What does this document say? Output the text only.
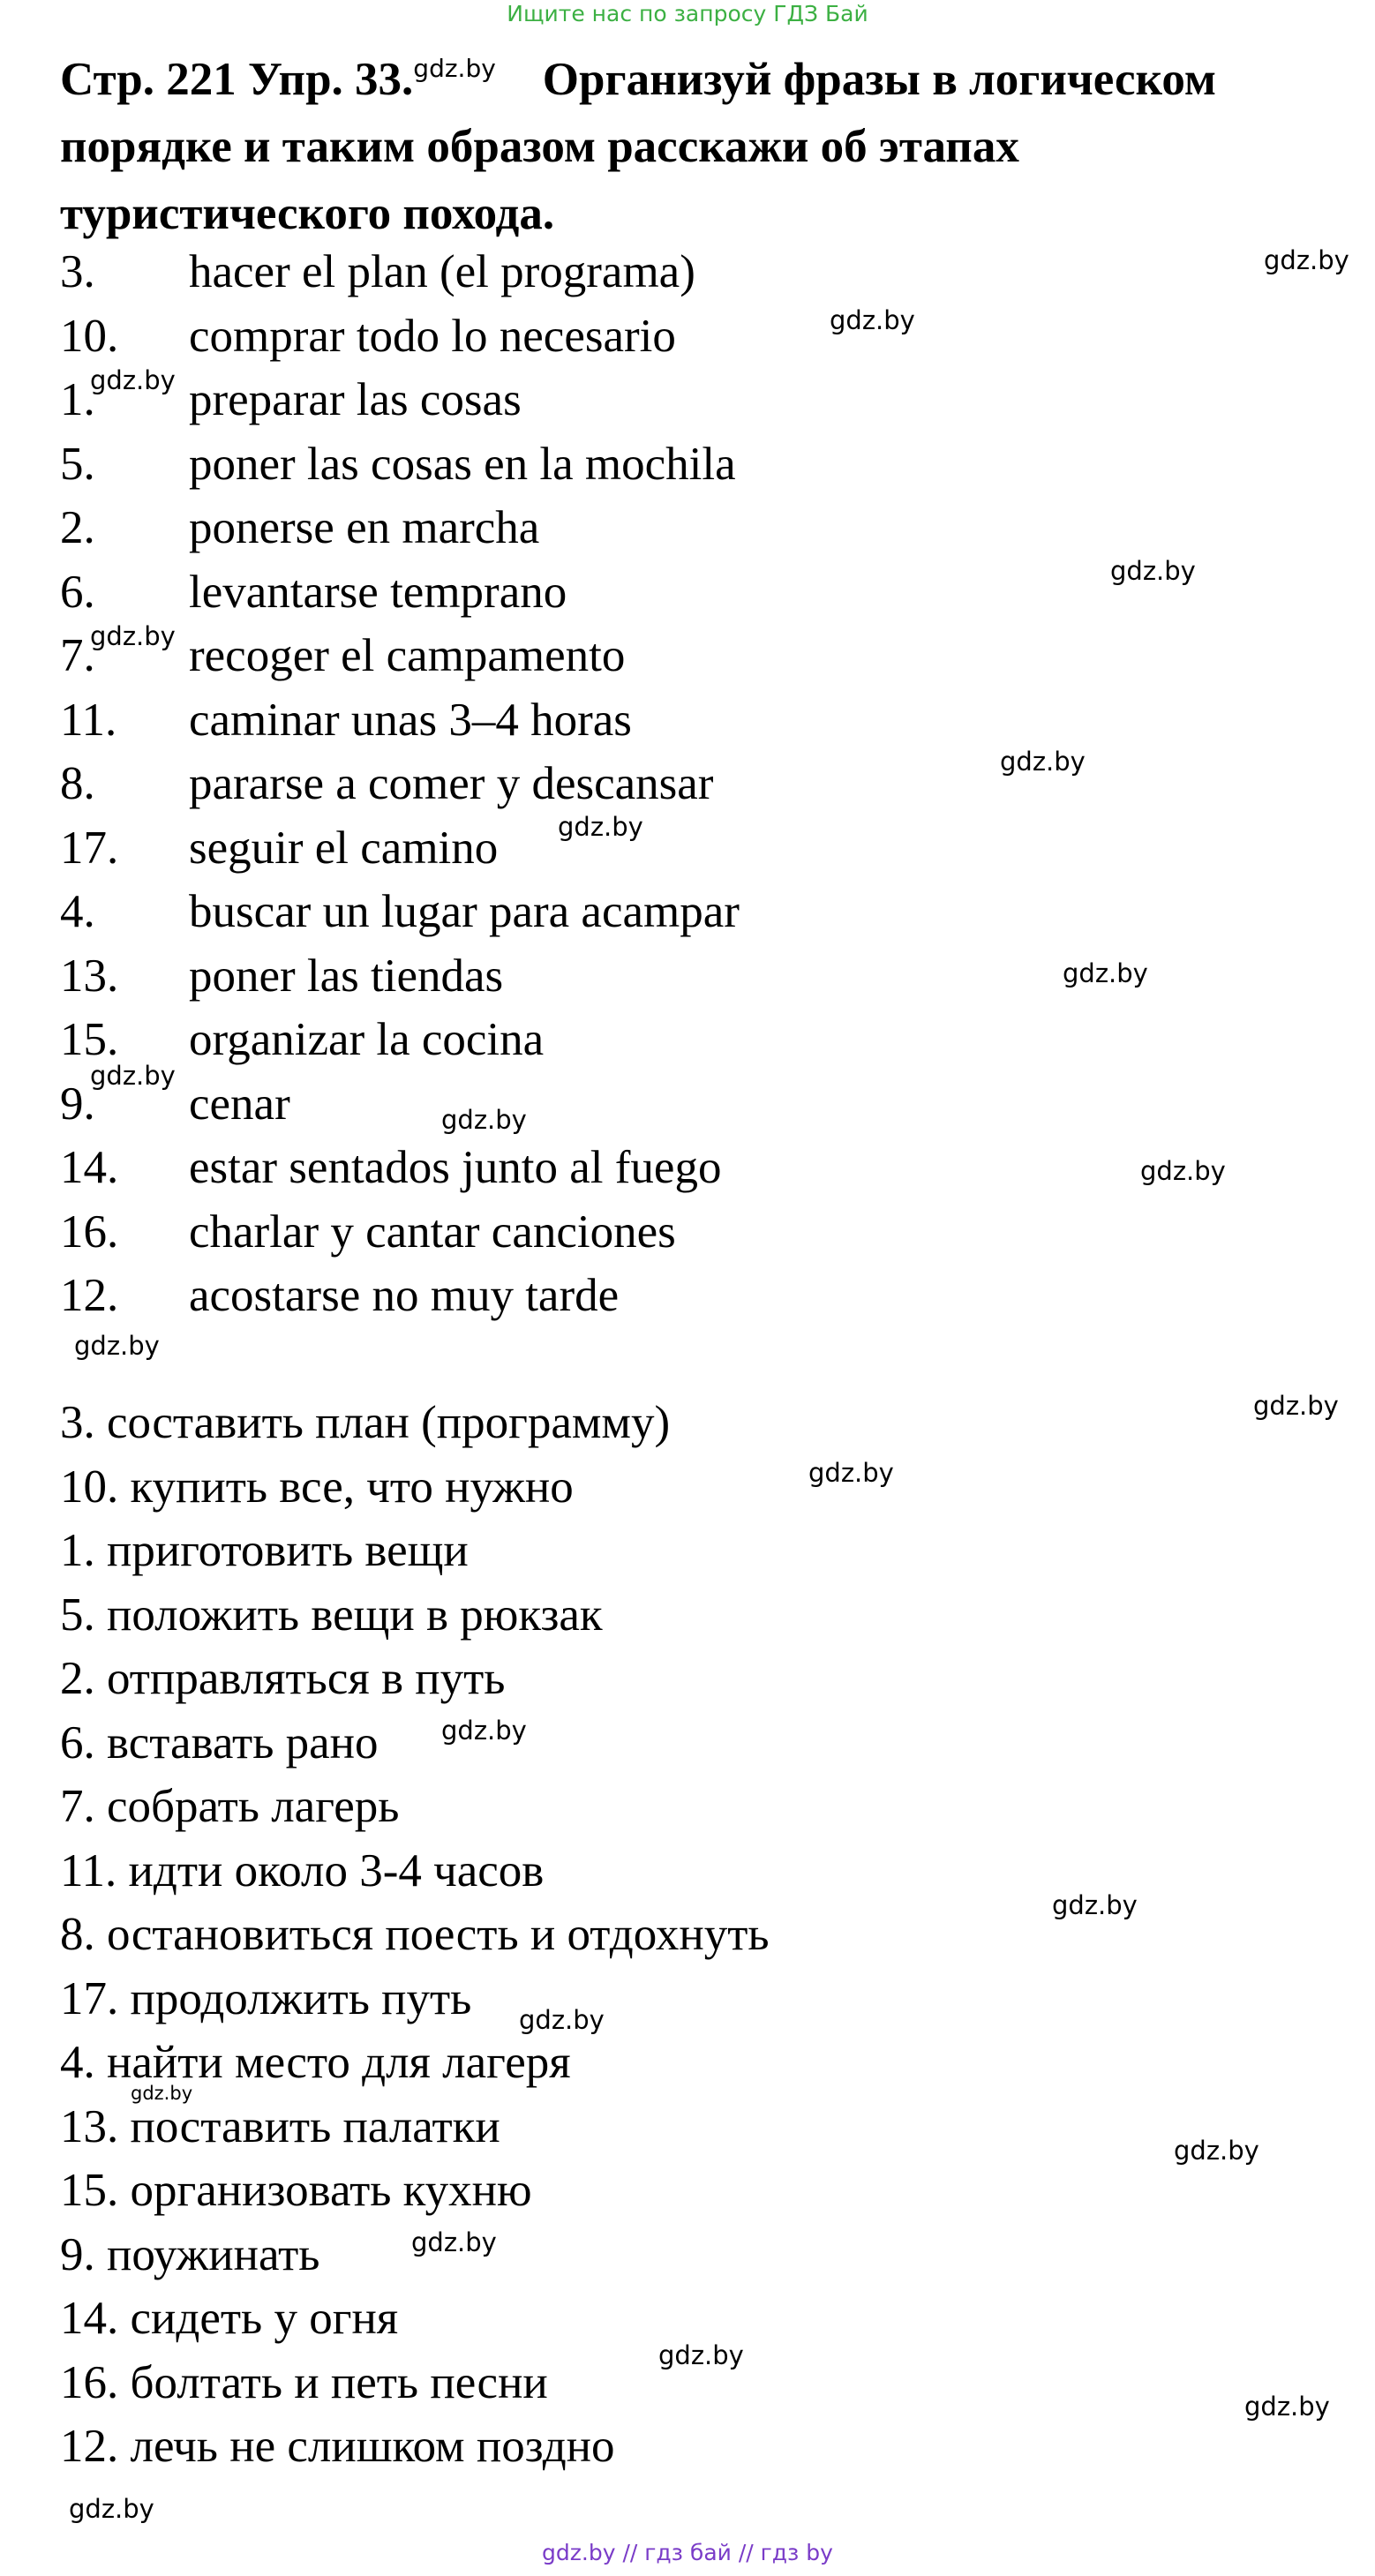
Ищите нас по запросу ГДЗ Бай
Стр. 221 Упр. 33.$^{gdz.by}$ Организуй фразы в логическом порядке и таким образом расскажи об этапах туристического похода.
3. hacer el plan (el programa)
10. comprar todo lo necesario
1. preparar las cosas
5. poner las cosas en la mochila
2. ponerse en marcha
6. levantarse temprano
7. recoger el campamento
11. caminar unas 3–4 horas
8. pararse a comer y descansar
17. seguir el camino
4. buscar un lugar para acampar
13. poner las tiendas
15. organizar la cocina
9. cenar
14. estar sentados junto al fuego
16. charlar y cantar canciones
12. acostarse no muy tarde
3. составить план (программу)
10. купить все, что нужно
1. приготовить вещи
5. положить вещи в рюкзак
2. отправляться в путь
6. вставать рано
7. собрать лагерь
11. идти около 3-4 часов
8. остановиться поесть и отдохнуть
17. продолжить путь
4. найти место для лагеря
13. поставить палатки
15. организовать кухню
9. поужинать
14. сидеть у огня
16. болтать и петь песни
12. лечь не слишком поздно
gdz.by
gdz.by
gdz.by
gdz.by
gdz.by
gdz.by
gdz.by
gdz.by
gdz.by
gdz.by
gdz.by
gdz.by
gdz.by
gdz.by
gdz.by
gdz.by
gdz.by
gdz.by
gdz.by
gdz.by
gdz.by
gdz.by
gdz.by
gdz.by // гдз бай // гдз by
